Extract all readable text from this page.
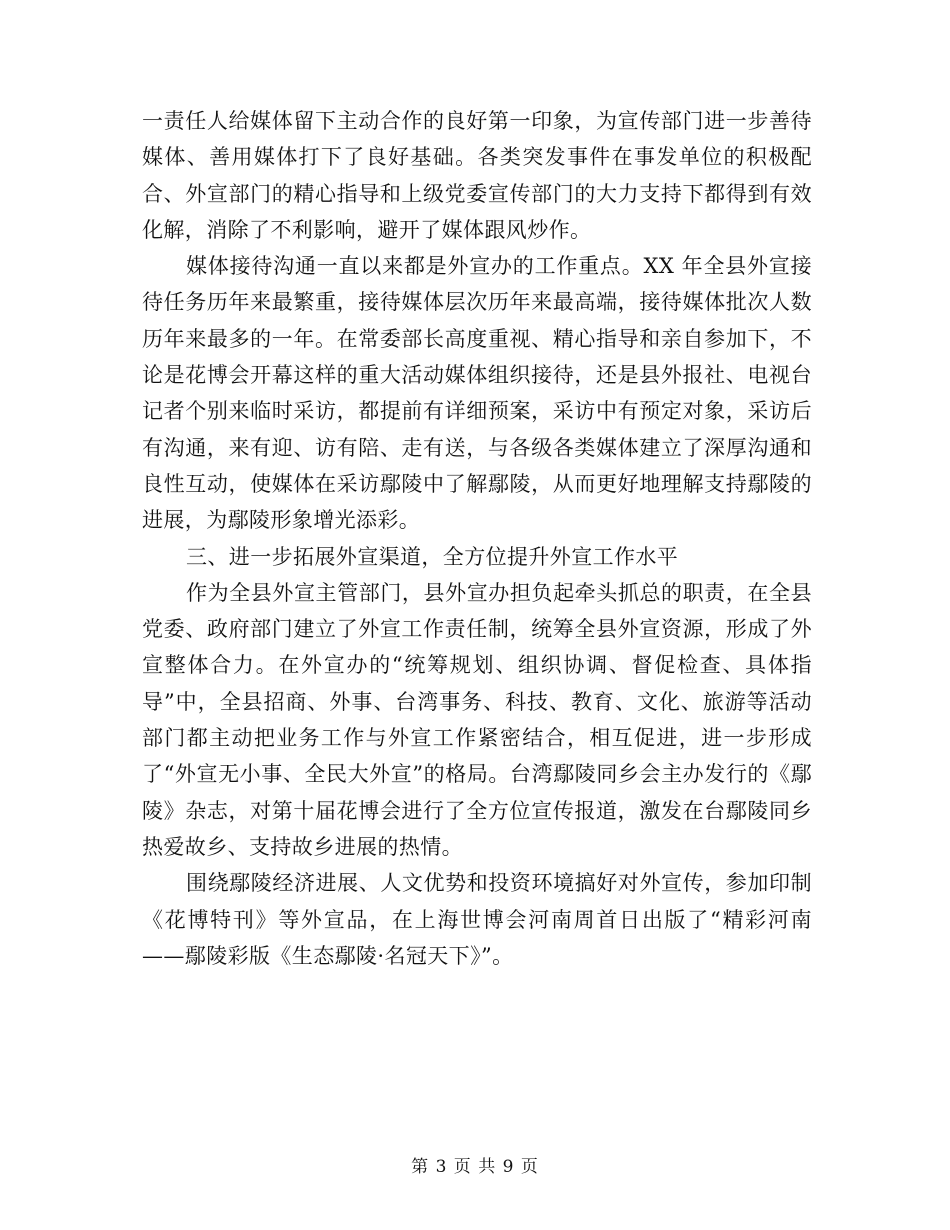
一责任人给媒体留下主动合作的良好第一印象，为宣传部门进一步善待媒体、善用媒体打下了良好基础。各类突发事件在事发单位的积极配合、外宣部门的精心指导和上级党委宣传部门的大力支持下都得到有效化解，消除了不利影响，避开了媒体跟风炒作。

媒体接待沟通一直以来都是外宣办的工作重点。XX 年全县外宣接待任务历年来最繁重，接待媒体层次历年来最高端，接待媒体批次人数历年来最多的一年。在常委部长高度重视、精心指导和亲自参加下，不论是花博会开幕这样的重大活动媒体组织接待，还是县外报社、电视台记者个别来临时采访，都提前有详细预案，采访中有预定对象，采访后有沟通，来有迎、访有陪、走有送，与各级各类媒体建立了深厚沟通和良性互动，使媒体在采访鄢陵中了解鄢陵，从而更好地理解支持鄢陵的进展，为鄢陵形象增光添彩。

三、进一步拓展外宣渠道，全方位提升外宣工作水平

作为全县外宣主管部门，县外宣办担负起牵头抓总的职责，在全县党委、政府部门建立了外宣工作责任制，统筹全县外宣资源，形成了外宣整体合力。在外宣办的“统筹规划、组织协调、督促检查、具体指导”中，全县招商、外事、台湾事务、科技、教育、文化、旅游等活动部门都主动把业务工作与外宣工作紧密结合，相互促进，进一步形成了“外宣无小事、全民大外宣”的格局。台湾鄢陵同乡会主办发行的《鄢陵》杂志，对第十届花博会进行了全方位宣传报道，激发在台鄢陵同乡热爱故乡、支持故乡进展的热情。

围绕鄢陵经济进展、人文优势和投资环境搞好对外宣传，参加印制《花博特刊》等外宣品，在上海世博会河南周首日出版了“精彩河南——鄢陵彩版《生态鄢陵·名冠天下》”。

第 3 页 共 9 页
